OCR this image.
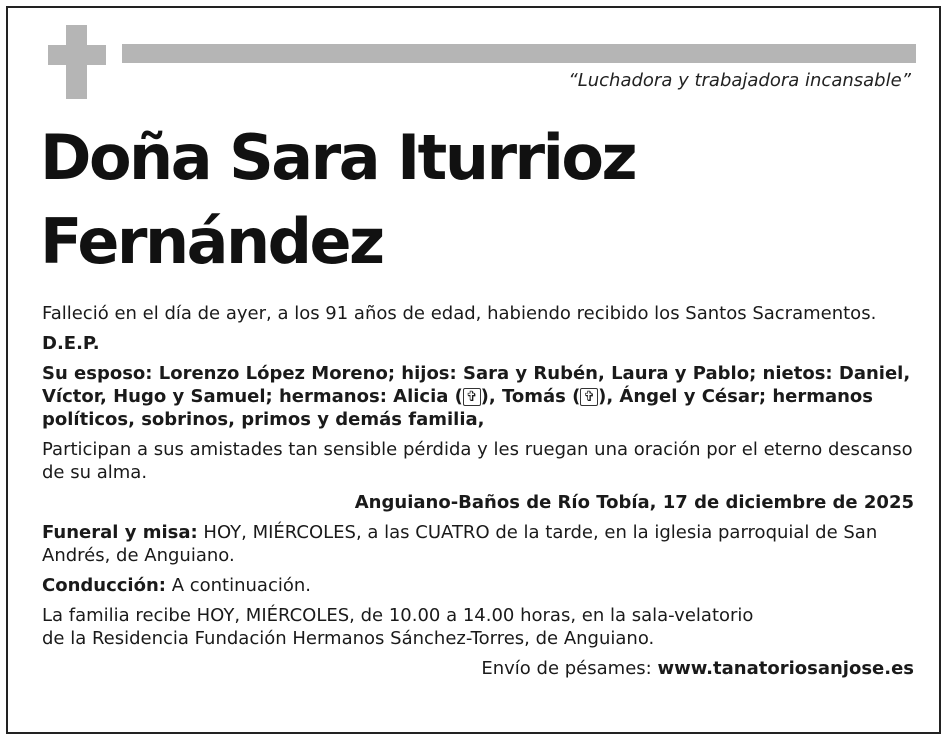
“Luchadora y trabajadora incansable”
Doña Sara Iturrioz
Fernández

Falleció en el día de ayer, a los 91 años de edad, habiendo recibido los Santos Sacramentos.

D.E.P.

Su esposo: Lorenzo López Moreno; hijos: Sara y Rubén, Laura y Pablo; nietos: Daniel, Víctor, Hugo y Samuel; hermanos: Alicia ( ✞ ), Tomás ( ✞ ), Ángel y César; hermanos políticos, sobrinos, primos y demás familia,

Participan a sus amistades tan sensible pérdida y les ruegan una oración por el eterno descanso de su alma.

Anguiano-Baños de Río Tobía, 17 de diciembre de 2025

Funeral y misa: HOY, MIÉRCOLES, a las CUATRO de la tarde, en la iglesia parroquial de San Andrés, de Anguiano.

Conducción: A continuación.

La familia recibe HOY, MIÉRCOLES, de 10.00 a 14.00 horas, en la sala-velatorio
de la Residencia Fundación Hermanos Sánchez-Torres, de Anguiano.

Envío de pésames: www.tanatoriosanjose.es
